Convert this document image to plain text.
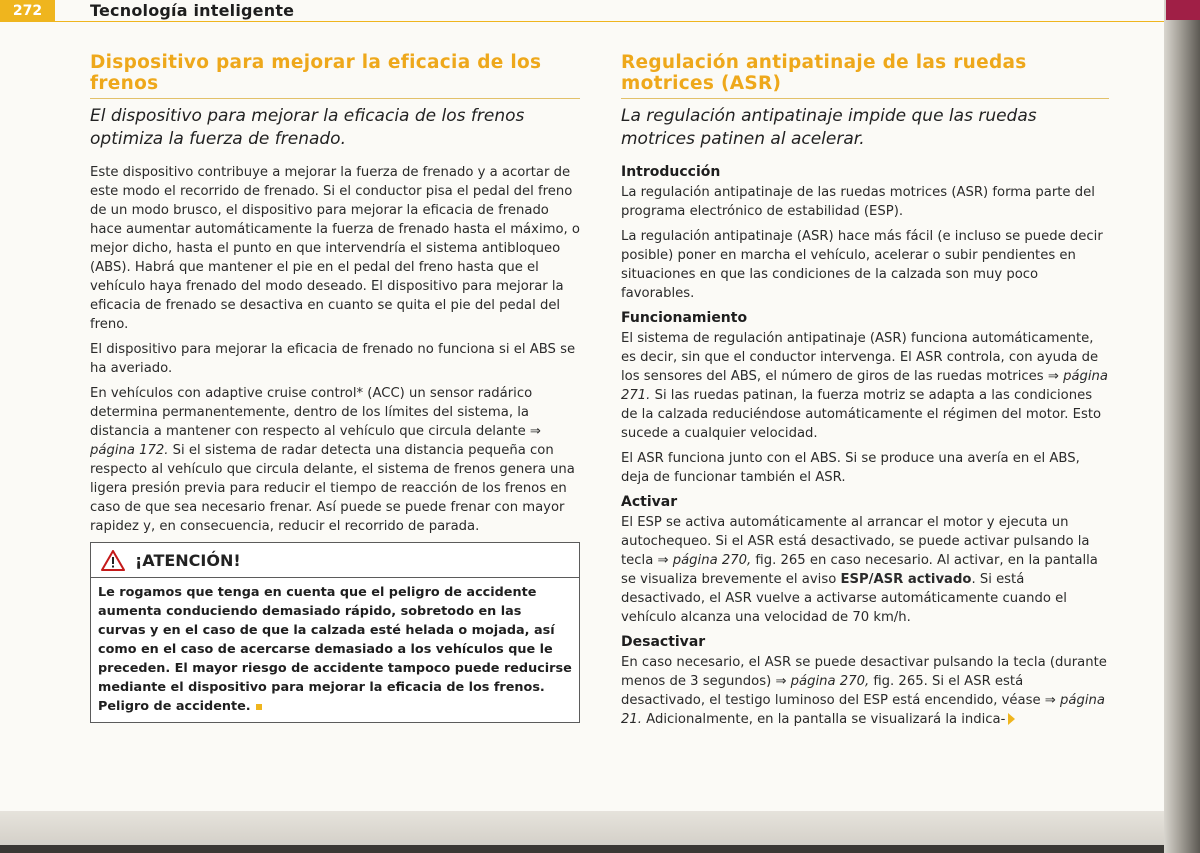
272	Tecnología inteligente
Dispositivo para mejorar la eficacia de los frenos
El dispositivo para mejorar la eficacia de los frenos optimiza la fuerza de frenado.

Este dispositivo contribuye a mejorar la fuerza de frenado y a acortar de este modo el recorrido de frenado. Si el conductor pisa el pedal del freno de un modo brusco, el dispositivo para mejorar la eficacia de frenado hace aumentar automáticamente la fuerza de frenado hasta el máximo, o mejor dicho, hasta el punto en que intervendría el sistema antibloqueo (ABS). Habrá que mantener el pie en el pedal del freno hasta que el vehículo haya frenado del modo deseado. El dispositivo para mejorar la eficacia de frenado se desactiva en cuanto se quita el pie del pedal del freno.

El dispositivo para mejorar la eficacia de frenado no funciona si el ABS se ha averiado.

En vehículos con adaptive cruise control* (ACC) un sensor radárico determina permanentemente, dentro de los límites del sistema, la distancia a mantener con respecto al vehículo que circula delante ⇒ página 172. Si el sistema de radar detecta una distancia pequeña con respecto al vehículo que circula delante, el sistema de frenos genera una ligera presión previa para reducir el tiempo de reacción de los frenos en caso de que sea necesario frenar. Así puede se puede frenar con mayor rapidez y, en consecuencia, reducir el recorrido de parada.

¡ATENCIÓN!
Le rogamos que tenga en cuenta que el peligro de accidente aumenta conduciendo demasiado rápido, sobretodo en las curvas y en el caso de que la calzada esté helada o mojada, así como en el caso de acercarse demasiado a los vehículos que le preceden. El mayor riesgo de accidente tampoco puede reducirse mediante el dispositivo para mejorar la eficacia de los frenos. Peligro de accidente.
Regulación antipatinaje de las ruedas motrices (ASR)
La regulación antipatinaje impide que las ruedas motrices patinen al acelerar.
Introducción

La regulación antipatinaje de las ruedas motrices (ASR) forma parte del programa electrónico de estabilidad (ESP).

La regulación antipatinaje (ASR) hace más fácil (e incluso se puede decir posible) poner en marcha el vehículo, acelerar o subir pendientes en situaciones en que las condiciones de la calzada son muy poco favorables.

Funcionamiento

El sistema de regulación antipatinaje (ASR) funciona automáticamente, es decir, sin que el conductor intervenga. El ASR controla, con ayuda de los sensores del ABS, el número de giros de las ruedas motrices ⇒ página 271. Si las ruedas patinan, la fuerza motriz se adapta a las condiciones de la calzada reduciéndose automáticamente el régimen del motor. Esto sucede a cualquier velocidad.

El ASR funciona junto con el ABS. Si se produce una avería en el ABS, deja de funcionar también el ASR.

Activar

El ESP se activa automáticamente al arrancar el motor y ejecuta un autochequeo. Si el ASR está desactivado, se puede activar pulsando la tecla ⇒ página 270, fig. 265 en caso necesario. Al activar, en la pantalla se visualiza brevemente el aviso ESP/ASR activado. Si está desactivado, el ASR vuelve a activarse automáticamente cuando el vehículo alcanza una velocidad de 70 km/h.

Desactivar

En caso necesario, el ASR se puede desactivar pulsando la tecla (durante menos de 3 segundos) ⇒ página 270, fig. 265. Si el ASR está desactivado, el testigo luminoso del ESP está encendido, véase ⇒ página 21. Adicionalmente, en la pantalla se visualizará la indica-
